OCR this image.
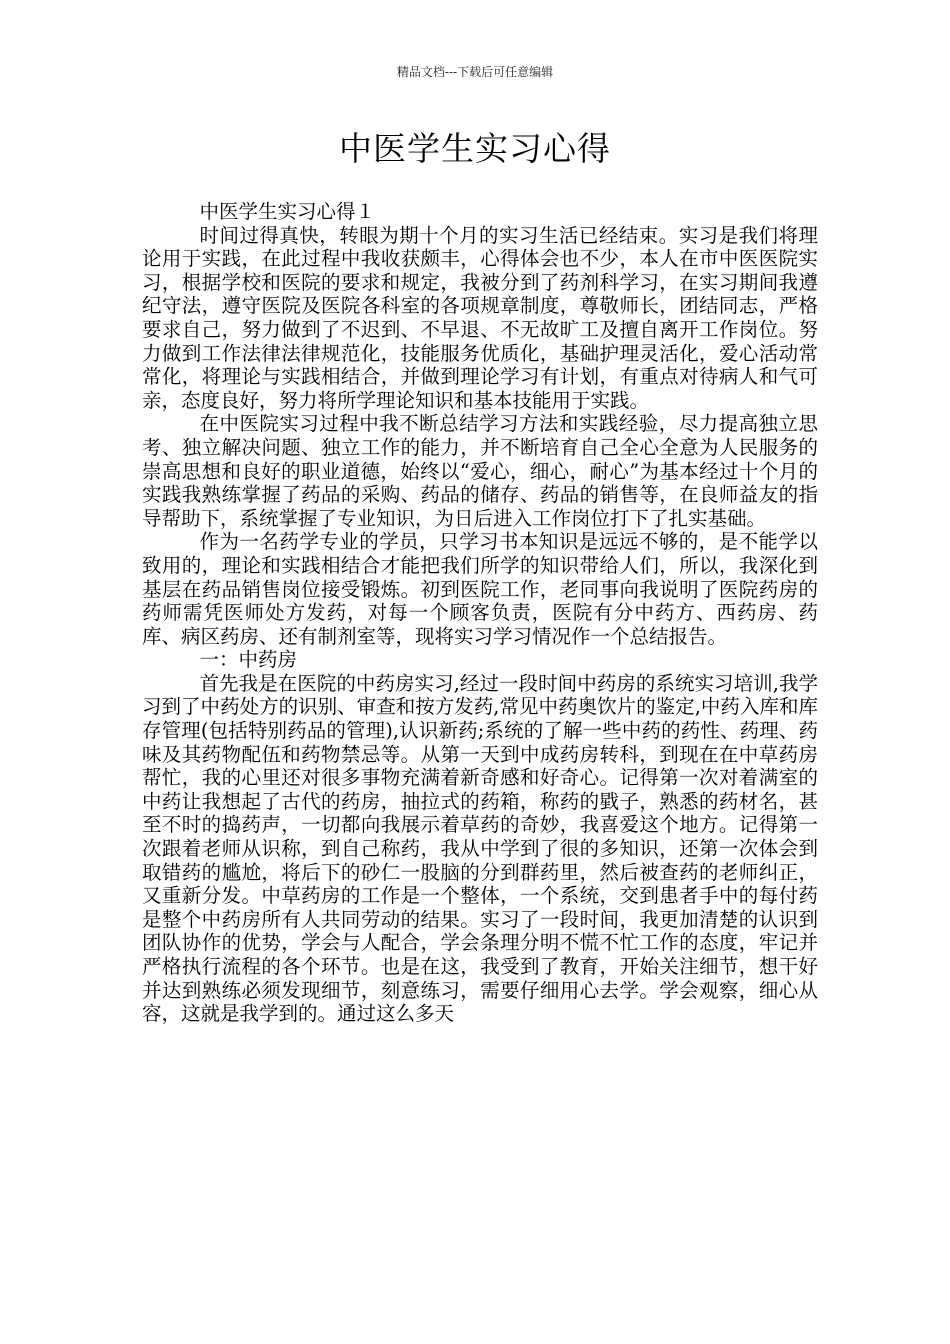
精品文档---下载后可任意编辑
中医学生实习心得

中医学生实习心得１

时间过得真快，转眼为期十个月的实习生活已经结束。实习是我们将理论用于实践，在此过程中我收获颇丰，心得体会也不少，本人在市中医医院实习，根据学校和医院的要求和规定，我被分到了药剂科学习，在实习期间我遵纪守法，遵守医院及医院各科室的各项规章制度，尊敬师长，团结同志，严格要求自己，努力做到了不迟到、不早退、不无故旷工及擅自离开工作岗位。努力做到工作法律法律规范化，技能服务优质化，基础护理灵活化，爱心活动常常化，将理论与实践相结合，并做到理论学习有计划，有重点对待病人和气可亲，态度良好，努力将所学理论知识和基本技能用于实践。

在中医院实习过程中我不断总结学习方法和实践经验，尽力提高独立思考、独立解决问题、独立工作的能力，并不断培育自己全心全意为人民服务的崇高思想和良好的职业道德，始终以“爱心，细心，耐心”为基本经过十个月的实践我熟练掌握了药品的采购、药品的储存、药品的销售等，在良师益友的指导帮助下，系统掌握了专业知识，为日后进入工作岗位打下了扎实基础。

作为一名药学专业的学员，只学习书本知识是远远不够的，是不能学以致用的，理论和实践相结合才能把我们所学的知识带给人们，所以，我深化到基层在药品销售岗位接受锻炼。初到医院工作，老同事向我说明了医院药房的药师需凭医师处方发药，对每一个顾客负责，医院有分中药方、西药房、药库、病区药房、还有制剂室等，现将实习学习情况作一个总结报告。

一：中药房

首先我是在医院的中药房实习,经过一段时间中药房的系统实习培训,我学习到了中药处方的识别、审查和按方发药,常见中药奥饮片的鉴定,中药入库和库存管理(包括特别药品的管理),认识新药;系统的了解一些中药的药性、药理、药味及其药物配伍和药物禁忌等。从第一天到中成药房转科，到现在在中草药房帮忙，我的心里还对很多事物充满着新奇感和好奇心。记得第一次对着满室的中药让我想起了古代的药房，抽拉式的药箱，称药的戥子，熟悉的药材名，甚至不时的捣药声，一切都向我展示着草药的奇妙，我喜爱这个地方。记得第一次跟着老师从识称，到自己称药，我从中学到了很的多知识，还第一次体会到取错药的尴尬，将后下的砂仁一股脑的分到群药里，然后被查药的老师纠正，又重新分发。中草药房的工作是一个整体，一个系统，交到患者手中的每付药是整个中药房所有人共同劳动的结果。实习了一段时间，我更加清楚的认识到团队协作的优势，学会与人配合，学会条理分明不慌不忙工作的态度，牢记并严格执行流程的各个环节。也是在这，我受到了教育，开始关注细节，想干好并达到熟练必须发现细节，刻意练习，需要仔细用心去学。学会观察，细心从容，这就是我学到的。通过这么多天
